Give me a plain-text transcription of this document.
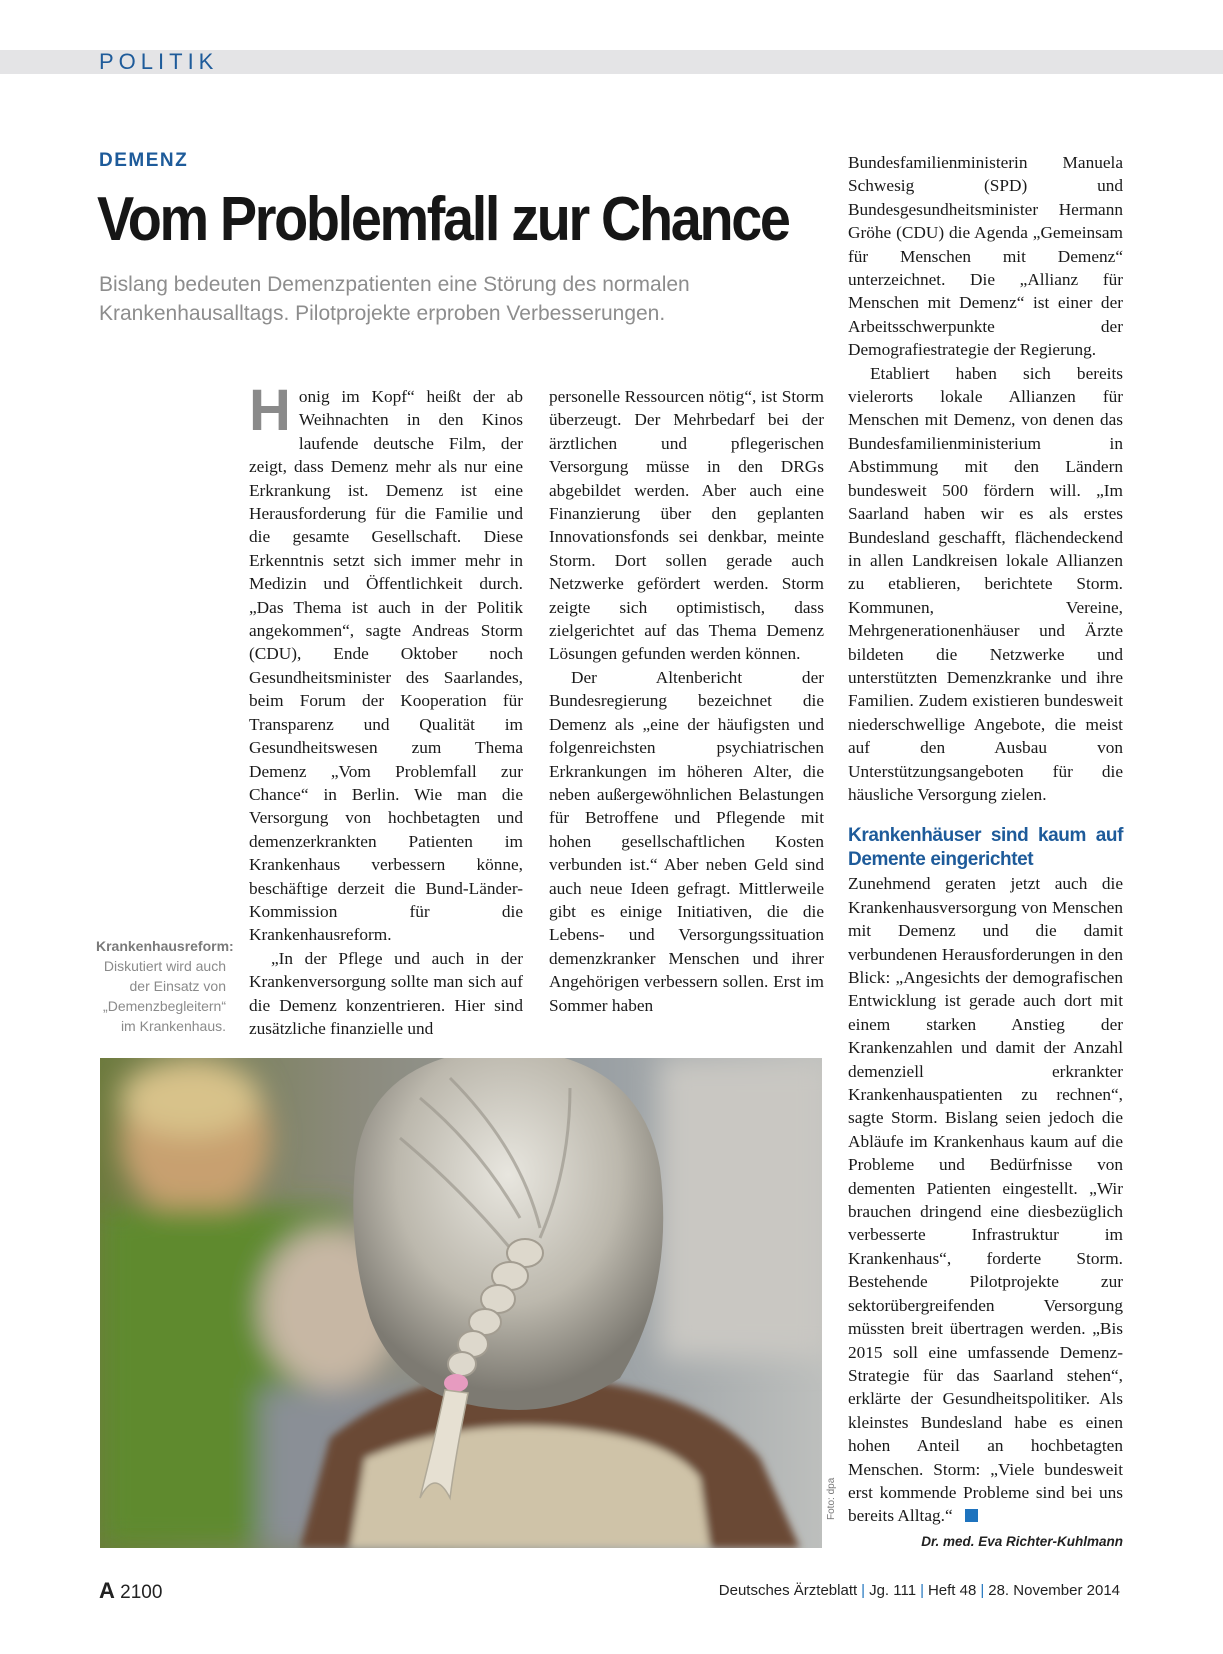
POLITIK
DEMENZ
Vom Problemfall zur Chance
Bislang bedeuten Demenzpatienten eine Störung des normalen
Krankenhausalltags. Pilotprojekte erproben Verbesserungen.

Honig im Kopf“ heißt der ab Weihnachten in den Kinos laufende deutsche Film, der zeigt, dass Demenz mehr als nur eine Erkrankung ist. Demenz ist eine Herausforderung für die Familie und die gesamte Gesellschaft. Diese Erkenntnis setzt sich immer mehr in Medizin und Öffentlichkeit durch. „Das Thema ist auch in der Politik angekommen“, sagte Andreas Storm (CDU), Ende Oktober noch Gesundheitsminister des Saarlandes, beim Forum der Kooperation für Transparenz und Qualität im Gesundheitswesen zum Thema Demenz „Vom Problemfall zur Chance“ in Berlin. Wie man die Versorgung von hochbetagten und demenzerkrankten Patienten im Krankenhaus verbessern könne, beschäftige derzeit die Bund-Länder-Kommission für die Krankenhausreform.

„In der Pflege und auch in der Krankenversorgung sollte man sich auf die Demenz konzentrieren. Hier sind zusätzliche finanzielle und

personelle Ressourcen nötig“, ist Storm überzeugt. Der Mehrbedarf bei der ärztlichen und pflegerischen Versorgung müsse in den DRGs abgebildet werden. Aber auch eine Finanzierung über den geplanten Innovationsfonds sei denkbar, meinte Storm. Dort sollen gerade auch Netzwerke gefördert werden. Storm zeigte sich optimistisch, dass zielgerichtet auf das Thema Demenz Lösungen gefunden werden können.

Der Altenbericht der Bundesregierung bezeichnet die Demenz als „eine der häufigsten und folgenreichsten psychiatrischen Erkrankungen im höheren Alter, die neben außergewöhnlichen Belastungen für Betroffene und Pflegende mit hohen gesellschaftlichen Kosten verbunden ist.“ Aber neben Geld sind auch neue Ideen gefragt. Mittlerweile gibt es einige Initiativen, die die Lebens- und Versorgungssituation demenzkranker Menschen und ihrer Angehörigen verbessern sollen. Erst im Sommer haben

Bundesfamilienministerin Manuela Schwesig (SPD) und Bundesgesundheitsminister Hermann Gröhe (CDU) die Agenda „Gemeinsam für Menschen mit Demenz“ unterzeichnet. Die „Allianz für Menschen mit Demenz“ ist einer der Arbeitsschwerpunkte der Demografiestrategie der Regierung.

Etabliert haben sich bereits vielerorts lokale Allianzen für Menschen mit Demenz, von denen das Bundesfamilienministerium in Abstimmung mit den Ländern bundesweit 500 fördern will. „Im Saarland haben wir es als erstes Bundesland geschafft, flächendeckend in allen Landkreisen lokale Allianzen zu etablieren, berichtete Storm. Kommunen, Vereine, Mehrgenerationenhäuser und Ärzte bildeten die Netzwerke und unterstützten Demenzkranke und ihre Familien. Zudem existieren bundesweit niederschwellige Angebote, die meist auf den Ausbau von Unterstützungsangeboten für die häusliche Versorgung zielen.

Krankenhäuser sind kaum auf Demente eingerichtet

Zunehmend geraten jetzt auch die Krankenhausversorgung von Menschen mit Demenz und die damit verbundenen Herausforderungen in den Blick: „Angesichts der demografischen Entwicklung ist gerade auch dort mit einem starken Anstieg der Krankenzahlen und damit der Anzahl demenziell erkrankter Krankenhauspatienten zu rechnen“, sagte Storm. Bislang seien jedoch die Abläufe im Krankenhaus kaum auf die Probleme und Bedürfnisse von dementen Patienten eingestellt. „Wir brauchen dringend eine diesbezüglich verbesserte Infrastruktur im Krankenhaus“, forderte Storm. Bestehende Pilotprojekte zur sektorübergreifenden Versorgung müssten breit übertragen werden. „Bis 2015 soll eine umfassende Demenz-Strategie für das Saarland stehen“, erklärte der Gesundheitspolitiker. Als kleinstes Bundesland habe es einen hohen Anteil an hochbetagten Menschen. Storm: „Viele bundesweit erst kommende Probleme sind bei uns bereits Alltag.“

Dr. med. Eva Richter-Kuhlmann
Krankenhausreform: Diskutiert wird auch der Einsatz von „Demenzbegleitern“ im Krankenhaus.
Foto: dpa
A 2100	Deutsches Ärzteblatt | Jg. 111 | Heft 48 | 28. November 2014
